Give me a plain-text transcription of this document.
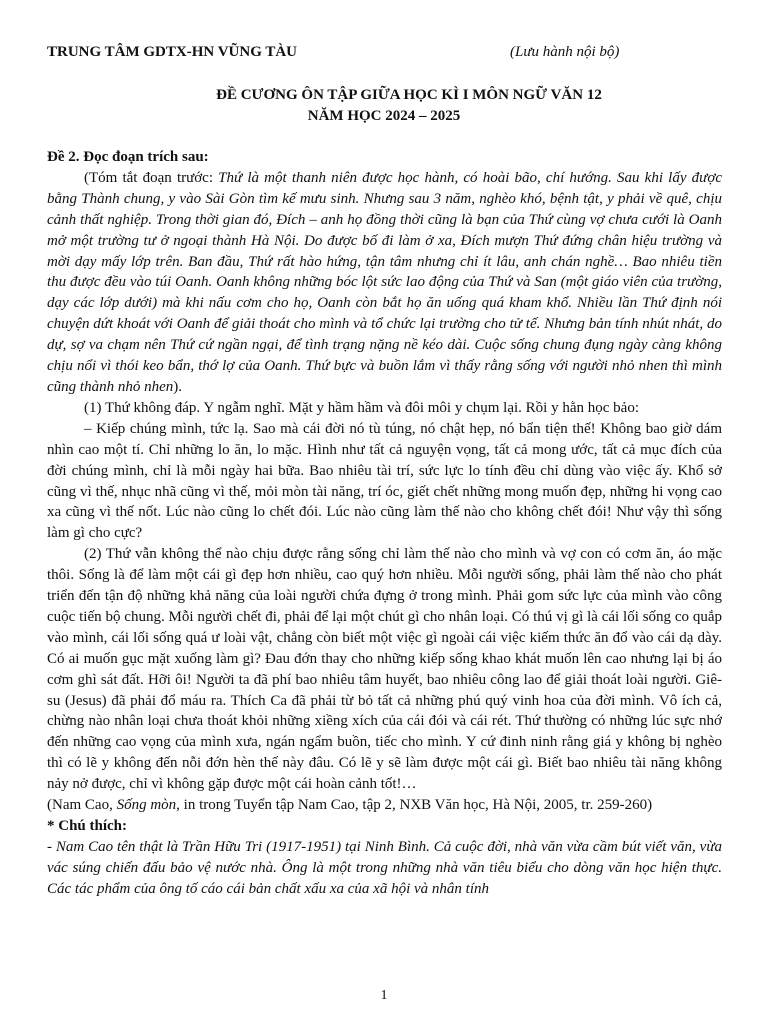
TRUNG TÂM GDTX-HN VŨNG TÀU	(Lưu hành nội bộ)
ĐỀ CƯƠNG ÔN TẬP GIỮA HỌC KÌ I MÔN NGỮ VĂN 12
NĂM HỌC 2024 – 2025

Đề 2. Đọc đoạn trích sau:

(Tóm tắt đoạn trước: Thứ là một thanh niên được học hành, có hoài bão, chí hướng. Sau khi lấy được bằng Thành chung, y vào Sài Gòn tìm kế mưu sinh. Nhưng sau 3 năm, nghèo khó, bệnh tật, y phải về quê, chịu cảnh thất nghiệp. Trong thời gian đó, Đích – anh họ đồng thời cũng là bạn của Thứ cùng vợ chưa cưới là Oanh mở một trường tư ở ngoại thành Hà Nội. Do được bố đi làm ở xa, Đích mượn Thứ đứng chân hiệu trường và mời dạy mấy lớp trên. Ban đầu, Thứ rất hào hứng, tận tâm nhưng chỉ ít lâu, anh chán nghề… Bao nhiêu tiền thu được đều vào túi Oanh. Oanh không những bóc lột sức lao động của Thứ và San (một giáo viên của trường, dạy các lớp dưới) mà khi nấu cơm cho họ, Oanh còn bắt họ ăn uống quá kham khổ. Nhiều lần Thứ định nói chuyện dứt khoát với Oanh để giải thoát cho mình và tổ chức lại trường cho tử tế. Nhưng bản tính nhút nhát, do dự, sợ va chạm nên Thứ cứ ngần ngại, để tình trạng nặng nề kéo dài. Cuộc sống chung đụng ngày càng không chịu nổi vì thói keo bẩn, thớ lợ của Oanh. Thứ bực và buồn lắm vì thấy rằng sống với người nhỏ nhen thì mình cũng thành nhỏ nhen).

(1) Thứ không đáp. Y ngẫm nghĩ. Mặt y hầm hầm và đôi môi y chụm lại. Rồi y hằn học bảo:

– Kiếp chúng mình, tức lạ. Sao mà cái đời nó tù túng, nó chật hẹp, nó bẩn tiện thế! Không bao giờ dám nhìn cao một tí. Chỉ những lo ăn, lo mặc. Hình như tất cả nguyện vọng, tất cả mong ước, tất cả mục đích của đời chúng mình, chỉ là mỗi ngày hai bữa. Bao nhiêu tài trí, sức lực lo tính đều chỉ dùng vào việc ấy. Khổ sở cũng vì thế, nhục nhã cũng vì thế, mỏi mòn tài năng, trí óc, giết chết những mong muốn đẹp, những hi vọng cao xa cũng vì thế nốt. Lúc nào cũng lo chết đói. Lúc nào cũng làm thế nào cho không chết đói! Như vậy thì sống làm gì cho cực?

(2) Thứ vẫn không thể nào chịu được rằng sống chỉ làm thế nào cho mình và vợ con có cơm ăn, áo mặc thôi. Sống là để làm một cái gì đẹp hơn nhiều, cao quý hơn nhiều. Mỗi người sống, phải làm thế nào cho phát triển đến tận độ những khả năng của loài người chứa đựng ở trong mình. Phải gom sức lực của mình vào công cuộc tiến bộ chung. Mỗi người chết đi, phải để lại một chút gì cho nhân loại. Có thú vị gì là cái lối sống co quắp vào mình, cái lối sống quá ư loài vật, chẳng còn biết một việc gì ngoài cái việc kiếm thức ăn đổ vào cái dạ dày. Có ai muốn gục mặt xuống làm gì? Đau đớn thay cho những kiếp sống khao khát muốn lên cao nhưng lại bị áo cơm ghì sát đất. Hỡi ôi! Người ta đã phí bao nhiêu tâm huyết, bao nhiêu công lao để giải thoát loài người. Giê-su (Jesus) đã phải đổ máu ra. Thích Ca đã phải từ bỏ tất cả những phú quý vinh hoa của đời mình. Vô ích cả, chừng nào nhân loại chưa thoát khỏi những xiềng xích của cái đói và cái rét. Thứ thường có những lúc sực nhớ đến những cao vọng của mình xưa, ngán ngẩm buồn, tiếc cho mình. Y cứ đinh ninh rằng giá y không bị nghèo thì có lẽ y không đến nỗi đớn hèn thế này đâu. Có lẽ y sẽ làm được một cái gì. Biết bao nhiêu tài năng không nảy nở được, chỉ vì không gặp được một cái hoàn cảnh tốt!…

(Nam Cao, Sống mòn, in trong Tuyển tập Nam Cao, tập 2, NXB Văn học, Hà Nội, 2005, tr. 259-260)

* Chú thích:

- Nam Cao tên thật là Trần Hữu Tri (1917-1951) tại Ninh Bình. Cả cuộc đời, nhà văn vừa cầm bút viết văn, vừa vác súng chiến đấu bảo vệ nước nhà. Ông là một trong những nhà văn tiêu biểu cho dòng văn học hiện thực. Các tác phẩm của ông tố cáo cái bản chất xấu xa của xã hội và nhân tính

1
